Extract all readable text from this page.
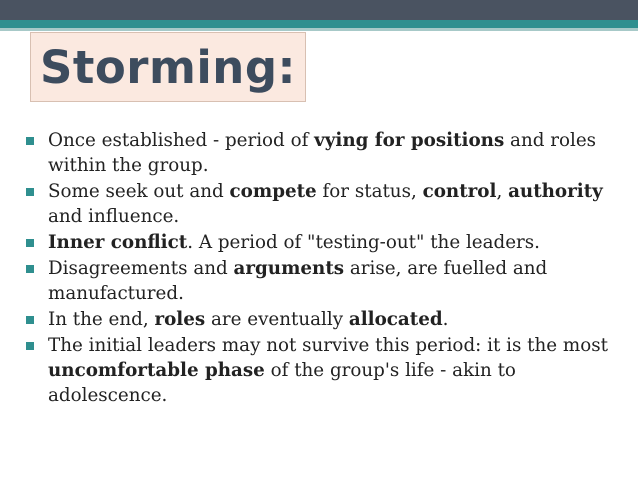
Storming:
Once established - period of vying for positions and roles within the group.
Some seek out and compete for status, control, authority and influence.
Inner conflict. A period of "testing-out" the leaders.
Disagreements and arguments arise, are fuelled and manufactured.
In the end, roles are eventually allocated.
The initial leaders may not survive this period: it is the most uncomfortable phase of the group's life - akin to adolescence.
